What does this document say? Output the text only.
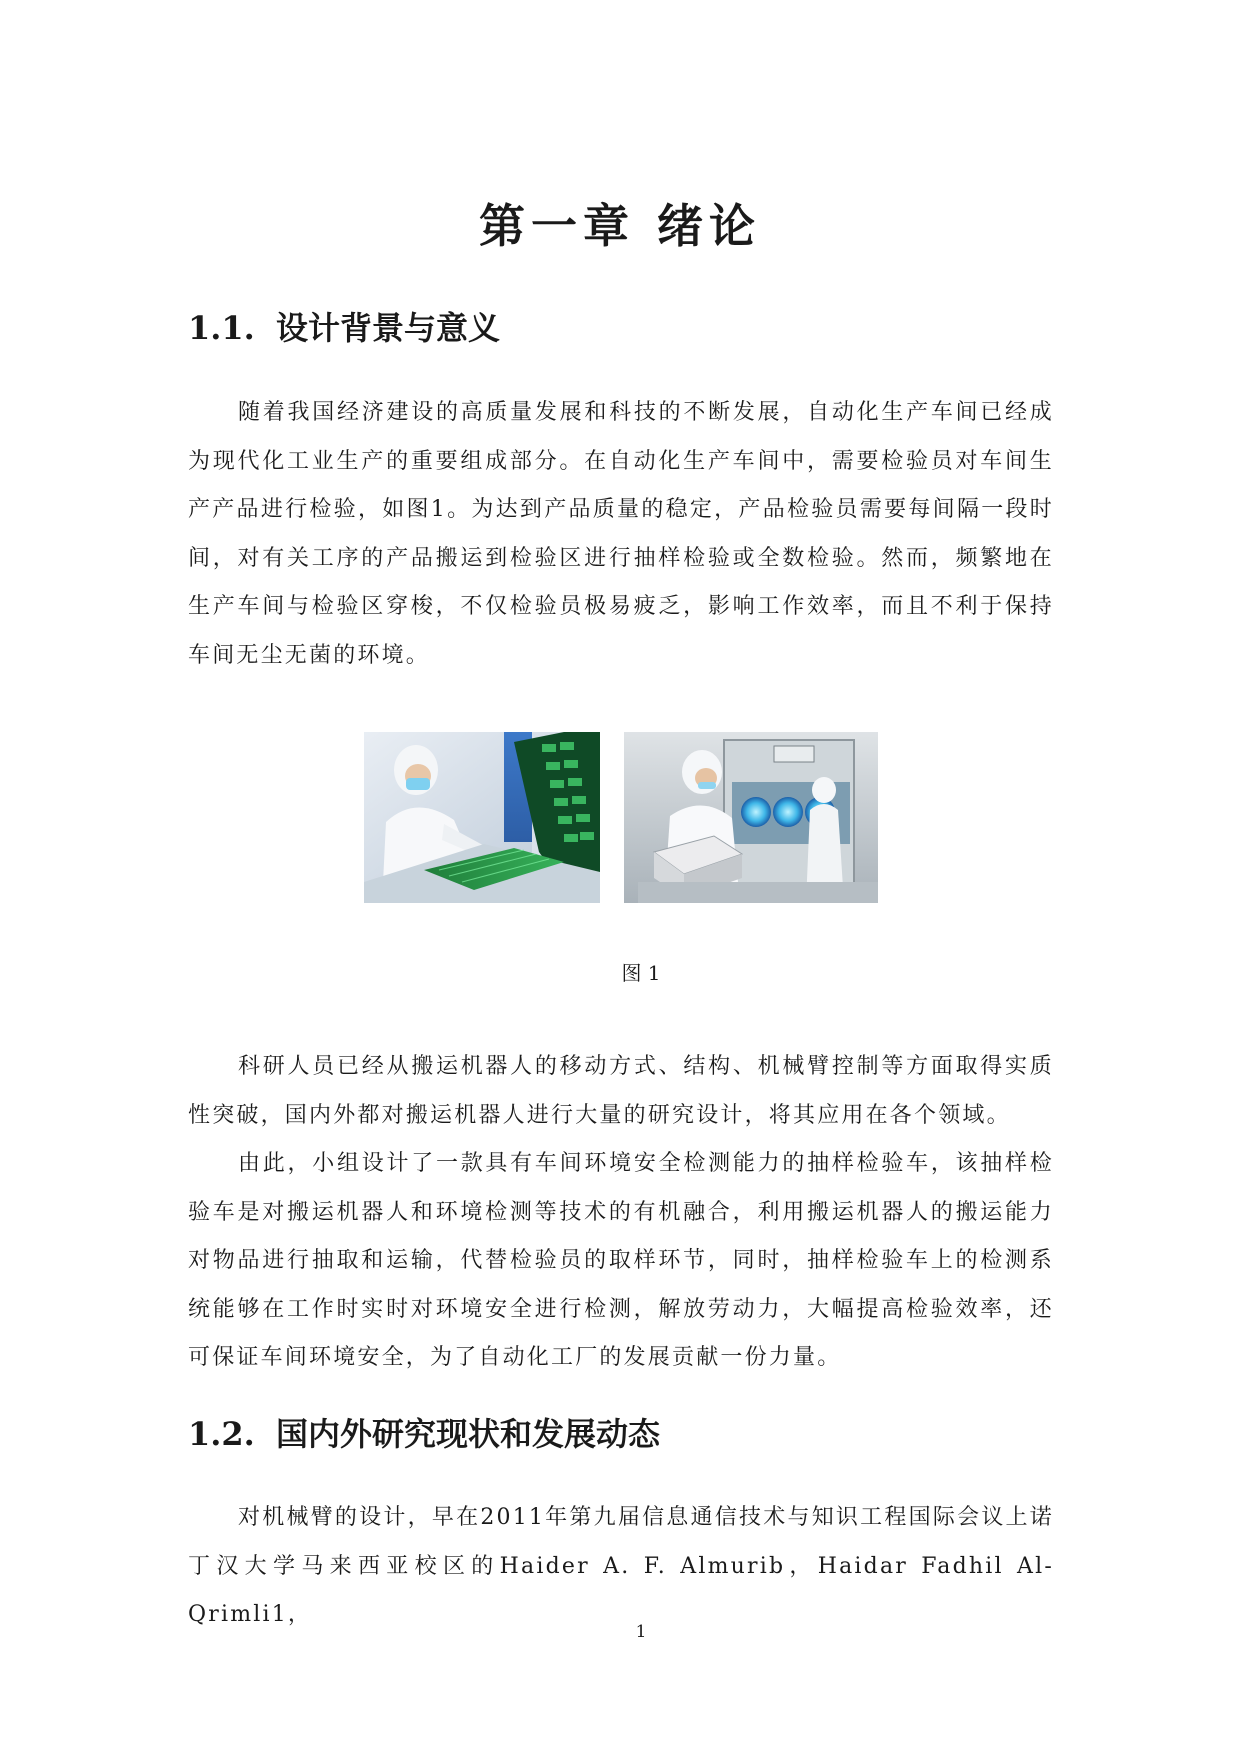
第一章 绪论
1.1. 设计背景与意义

随着我国经济建设的高质量发展和科技的不断发展，自动化生产车间已经成为现代化工业生产的重要组成部分。在自动化生产车间中，需要检验员对车间生产产品进行检验，如图1。为达到产品质量的稳定，产品检验员需要每间隔一段时间，对有关工序的产品搬运到检验区进行抽样检验或全数检验。然而，频繁地在生产车间与检验区穿梭，不仅检验员极易疲乏，影响工作效率，而且不利于保持车间无尘无菌的环境。

图 1

科研人员已经从搬运机器人的移动方式、结构、机械臂控制等方面取得实质性突破，国内外都对搬运机器人进行大量的研究设计，将其应用在各个领域。

由此，小组设计了一款具有车间环境安全检测能力的抽样检验车，该抽样检验车是对搬运机器人和环境检测等技术的有机融合，利用搬运机器人的搬运能力对物品进行抽取和运输，代替检验员的取样环节，同时，抽样检验车上的检测系统能够在工作时实时对环境安全进行检测，解放劳动力，大幅提高检验效率，还可保证车间环境安全，为了自动化工厂的发展贡献一份力量。

1.2. 国内外研究现状和发展动态

对机械臂的设计，早在2011年第九届信息通信技术与知识工程国际会议上诺丁汉大学马来西亚校区的Haider A. F. Almurib，Haidar Fadhil Al-Qrimli1，

1
